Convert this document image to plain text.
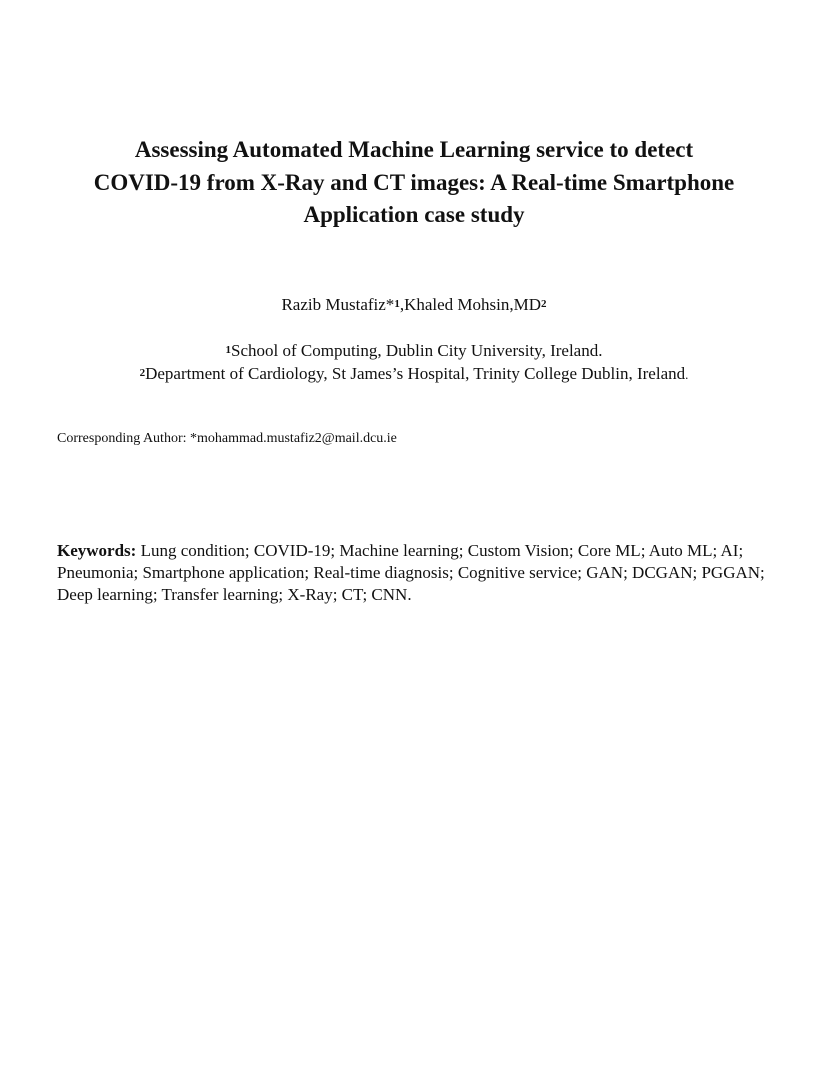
Assessing Automated Machine Learning service to detect
COVID-19 from X-Ray and CT images: A Real-time Smartphone
Application case study
Razib Mustafiz*$^1$,Khaled $Mohsin,MD^2$
$^1$School of Computing, Dublin City University, Ireland.
$^2$Department of Cardiology, St James’s Hospital, Trinity College Dublin, Ireland.
Corresponding Author: *mohammad.mustafiz2@mail.dcu.ie
Keywords: Lung condition; COVID-19; Machine learning; Custom Vision; Core ML; Auto ML; AI; Pneumonia; Smartphone application; Real-time diagnosis; Cognitive service; GAN; DCGAN; PGGAN; Deep learning; Transfer learning; X-Ray; CT; CNN.
